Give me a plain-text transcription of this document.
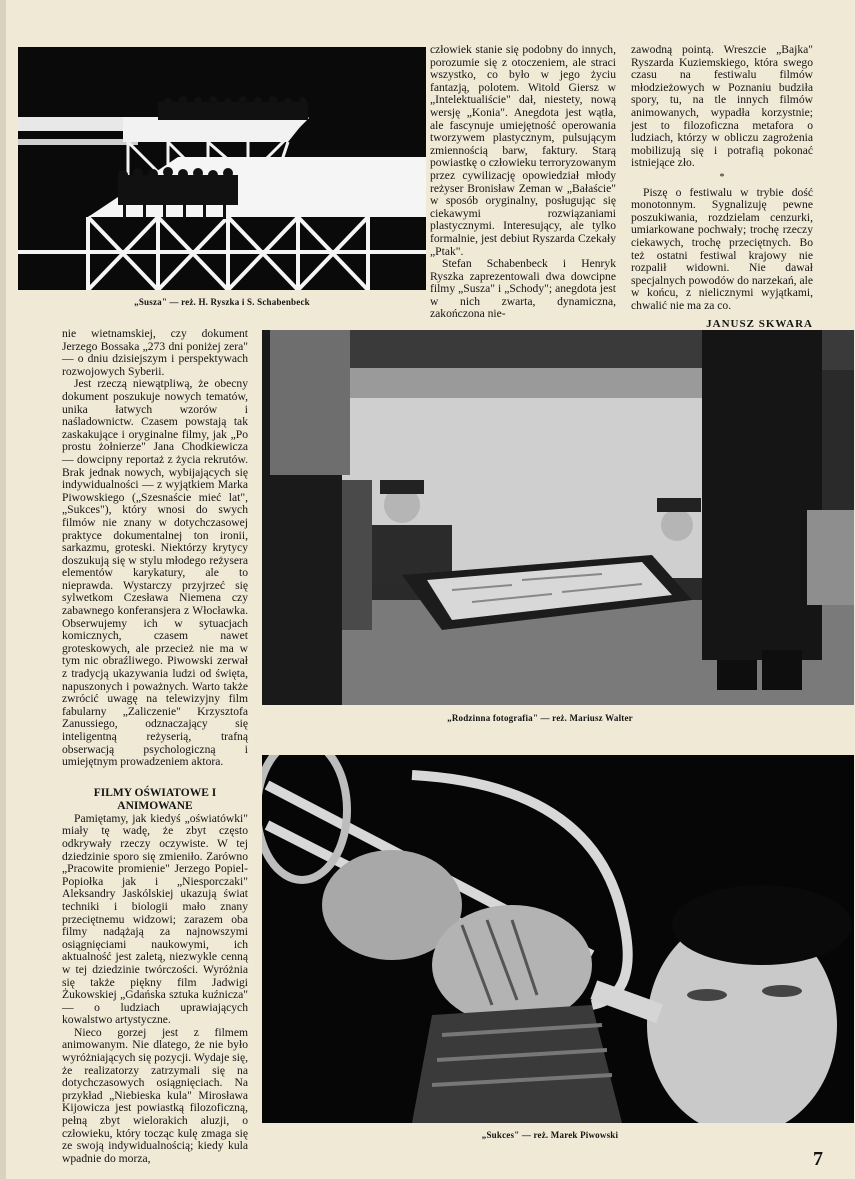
„Susza" — reż. H. Ryszka i S. Schabenbeck

człowiek stanie się podobny do innych, porozumie się z otoczeniem, ale straci wszystko, co było w jego życiu fantazją, polotem. Witold Giersz w „Intelektualiście" dał, niestety, nową wersję „Konia". Anegdota jest wątła, ale fascynuje umiejętność operowania tworzywem plastycznym, pulsującym zmiennością barw, faktury. Starą powiastkę o człowieku terroryzowanym przez cywilizację opowiedział młody reżyser Bronisław Zeman w „Bałaście" w sposób oryginalny, posługując się ciekawymi rozwiązaniami plastycznymi. Interesujący, ale tylko formalnie, jest debiut Ryszarda Czekały „Ptak".

Stefan Schabenbeck i Henryk Ryszka zaprezentowali dwa dowcipne filmy „Susza" i „Schody"; anegdota jest w nich zwarta, dynamiczna, zakończona nie-

zawodną pointą. Wreszcie „Bajka" Ryszarda Kuziemskiego, która swego czasu na festiwalu filmów młodzieżowych w Poznaniu budziła spory, tu, na tle innych filmów animowanych, wypadła korzystnie; jest to filozoficzna metafora o ludziach, którzy w obliczu zagrożenia mobilizują się i potrafią pokonać istniejące zło.

*

Piszę o festiwalu w trybie dość monotonnym. Sygnalizuję pewne poszukiwania, rozdzielam cenzurki, umiarkowane pochwały; trochę rzeczy ciekawych, trochę przeciętnych. Bo też ostatni festiwal krajowy nie rozpalił widowni. Nie dawał specjalnych powodów do narzekań, ale w końcu, z nielicznymi wyjątkami, chwalić nie ma za co.

JANUSZ SKWARA

nie wietnamskiej, czy dokument Jerzego Bossaka „273 dni poniżej zera" — o dniu dzisiejszym i perspektywach rozwojowych Syberii.

Jest rzeczą niewątpliwą, że obecny dokument poszukuje nowych tematów, unika łatwych wzorów i naśladownictw. Czasem powstają tak zaskakujące i oryginalne filmy, jak „Po prostu żołnierze" Jana Chodkiewicza — dowcipny reportaż z życia rekrutów. Brak jednak nowych, wybijających się indywidualności — z wyjątkiem Marka Piwowskiego („Szesnaście mieć lat", „Sukces"), który wnosi do swych filmów nie znany w dotychczasowej praktyce dokumentalnej ton ironii, sarkazmu, groteski. Niektórzy krytycy doszukują się w stylu młodego reżysera elementów karykatury, ale to nieprawda. Wystarczy przyjrzeć się sylwetkom Czesława Niemena czy zabawnego konferansjera z Włocławka. Obserwujemy ich w sytuacjach komicznych, czasem nawet groteskowych, ale przecież nie ma w tym nic obraźliwego. Piwowski zerwał z tradycją ukazywania ludzi od święta, napuszonych i poważnych. Warto także zwrócić uwagę na telewizyjny film fabularny „Zaliczenie" Krzysztofa Zanussiego, odznaczający się inteligentną reżyserią, trafną obserwacją psychologiczną i umiejętnym prowadzeniem aktora.

FILMY OŚWIATOWE I ANIMOWANE

Pamiętamy, jak kiedyś „oświatówki" miały tę wadę, że zbyt często odkrywały rzeczy oczywiste. W tej dziedzinie sporo się zmieniło. Zarówno „Pracowite promienie" Jerzego Popiel-Popiołka jak i „Niesporczaki" Aleksandry Jaskólskiej ukazują świat techniki i biologii mało znany przeciętnemu widzowi; zarazem oba filmy nadążają za najnowszymi osiągnięciami naukowymi, ich aktualność jest zaletą, niezwykle cenną w tej dziedzinie twórczości. Wyróżnia się także piękny film Jadwigi Żukowskiej „Gdańska sztuka kuźnicza" — o ludziach uprawiających kowalstwo artystyczne.

Nieco gorzej jest z filmem animowanym. Nie dlatego, że nie było wyróżniających się pozycji. Wydaje się, że realizatorzy zatrzymali się na dotychczasowych osiągnięciach. Na przykład „Niebieska kula" Mirosława Kijowicza jest powiastką filozoficzną, pełną zbyt wielorakich aluzji, o człowieku, który tocząc kulę zmaga się ze swoją indywidualnością; kiedy kula wpadnie do morza,

„Rodzinna fotografia" — reż. Mariusz Walter
„Sukces" — reż. Marek Piwowski
7
